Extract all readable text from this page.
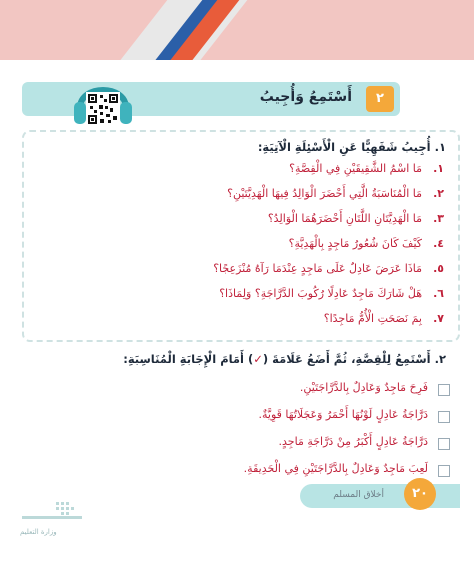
أَسْتَمِعُ وَأُجِيبُ	٢
١. أُجِيبُ شَفَهِيًّا عَنِ الْأَسْئِلَةِ الْآتِيَةِ:
١.
مَا اسْمُ الشَّقِيقَيْنِ فِي الْقِصَّةِ؟
٢.
مَا الْمُنَاسَبَةُ الَّتِي أَحْضَرَ الْوَالِدُ فِيهَا الْهَدِيَّتَيْنِ؟
٣.
مَا الْهَدِيَّتَانِ اللَّتَانِ أَحْضَرَهُمَا الْوَالِدُ؟
٤.
كَيْفَ كَانَ شُعُورُ مَاجِدٍ بِالْهَدِيَّةِ؟
٥.
مَاذَا عَرَضَ عَادِلٌ عَلَى مَاجِدٍ عِنْدَمَا رَآهُ مُنْزَعِجًا؟
٦.
هَلْ شَارَكَ مَاجِدٌ عَادِلًا رُكُوبَ الدَّرَّاجَةِ؟ وَلِمَاذَا؟
٧.
بِمَ نَصَحَتِ الْأُمُّ مَاجِدًا؟
٢. أَسْتَمِعُ لِلْقِصَّةِ، ثُمَّ أَضَعُ عَلَامَةَ (✓) أَمَامَ الْإِجَابَةِ الْمُنَاسِبَةِ:
فَرِحَ مَاجِدٌ وَعَادِلٌ بِالدَّرَّاجَتَيْنِ.
دَرَّاجَةُ عَادِلٍ لَوْنُهَا أَحْمَرُ وَعَجَلَاتُهَا قَوِيَّةٌ.
دَرَّاجَةُ عَادِلٍ أَكْبَرُ مِنْ دَرَّاجَةِ مَاجِدٍ.
لَعِبَ مَاجِدٌ وَعَادِلٌ بِالدَّرَّاجَتَيْنِ فِي الْحَدِيقَةِ.
أخلاق المسلم	٢٠
وزارة التعليم
